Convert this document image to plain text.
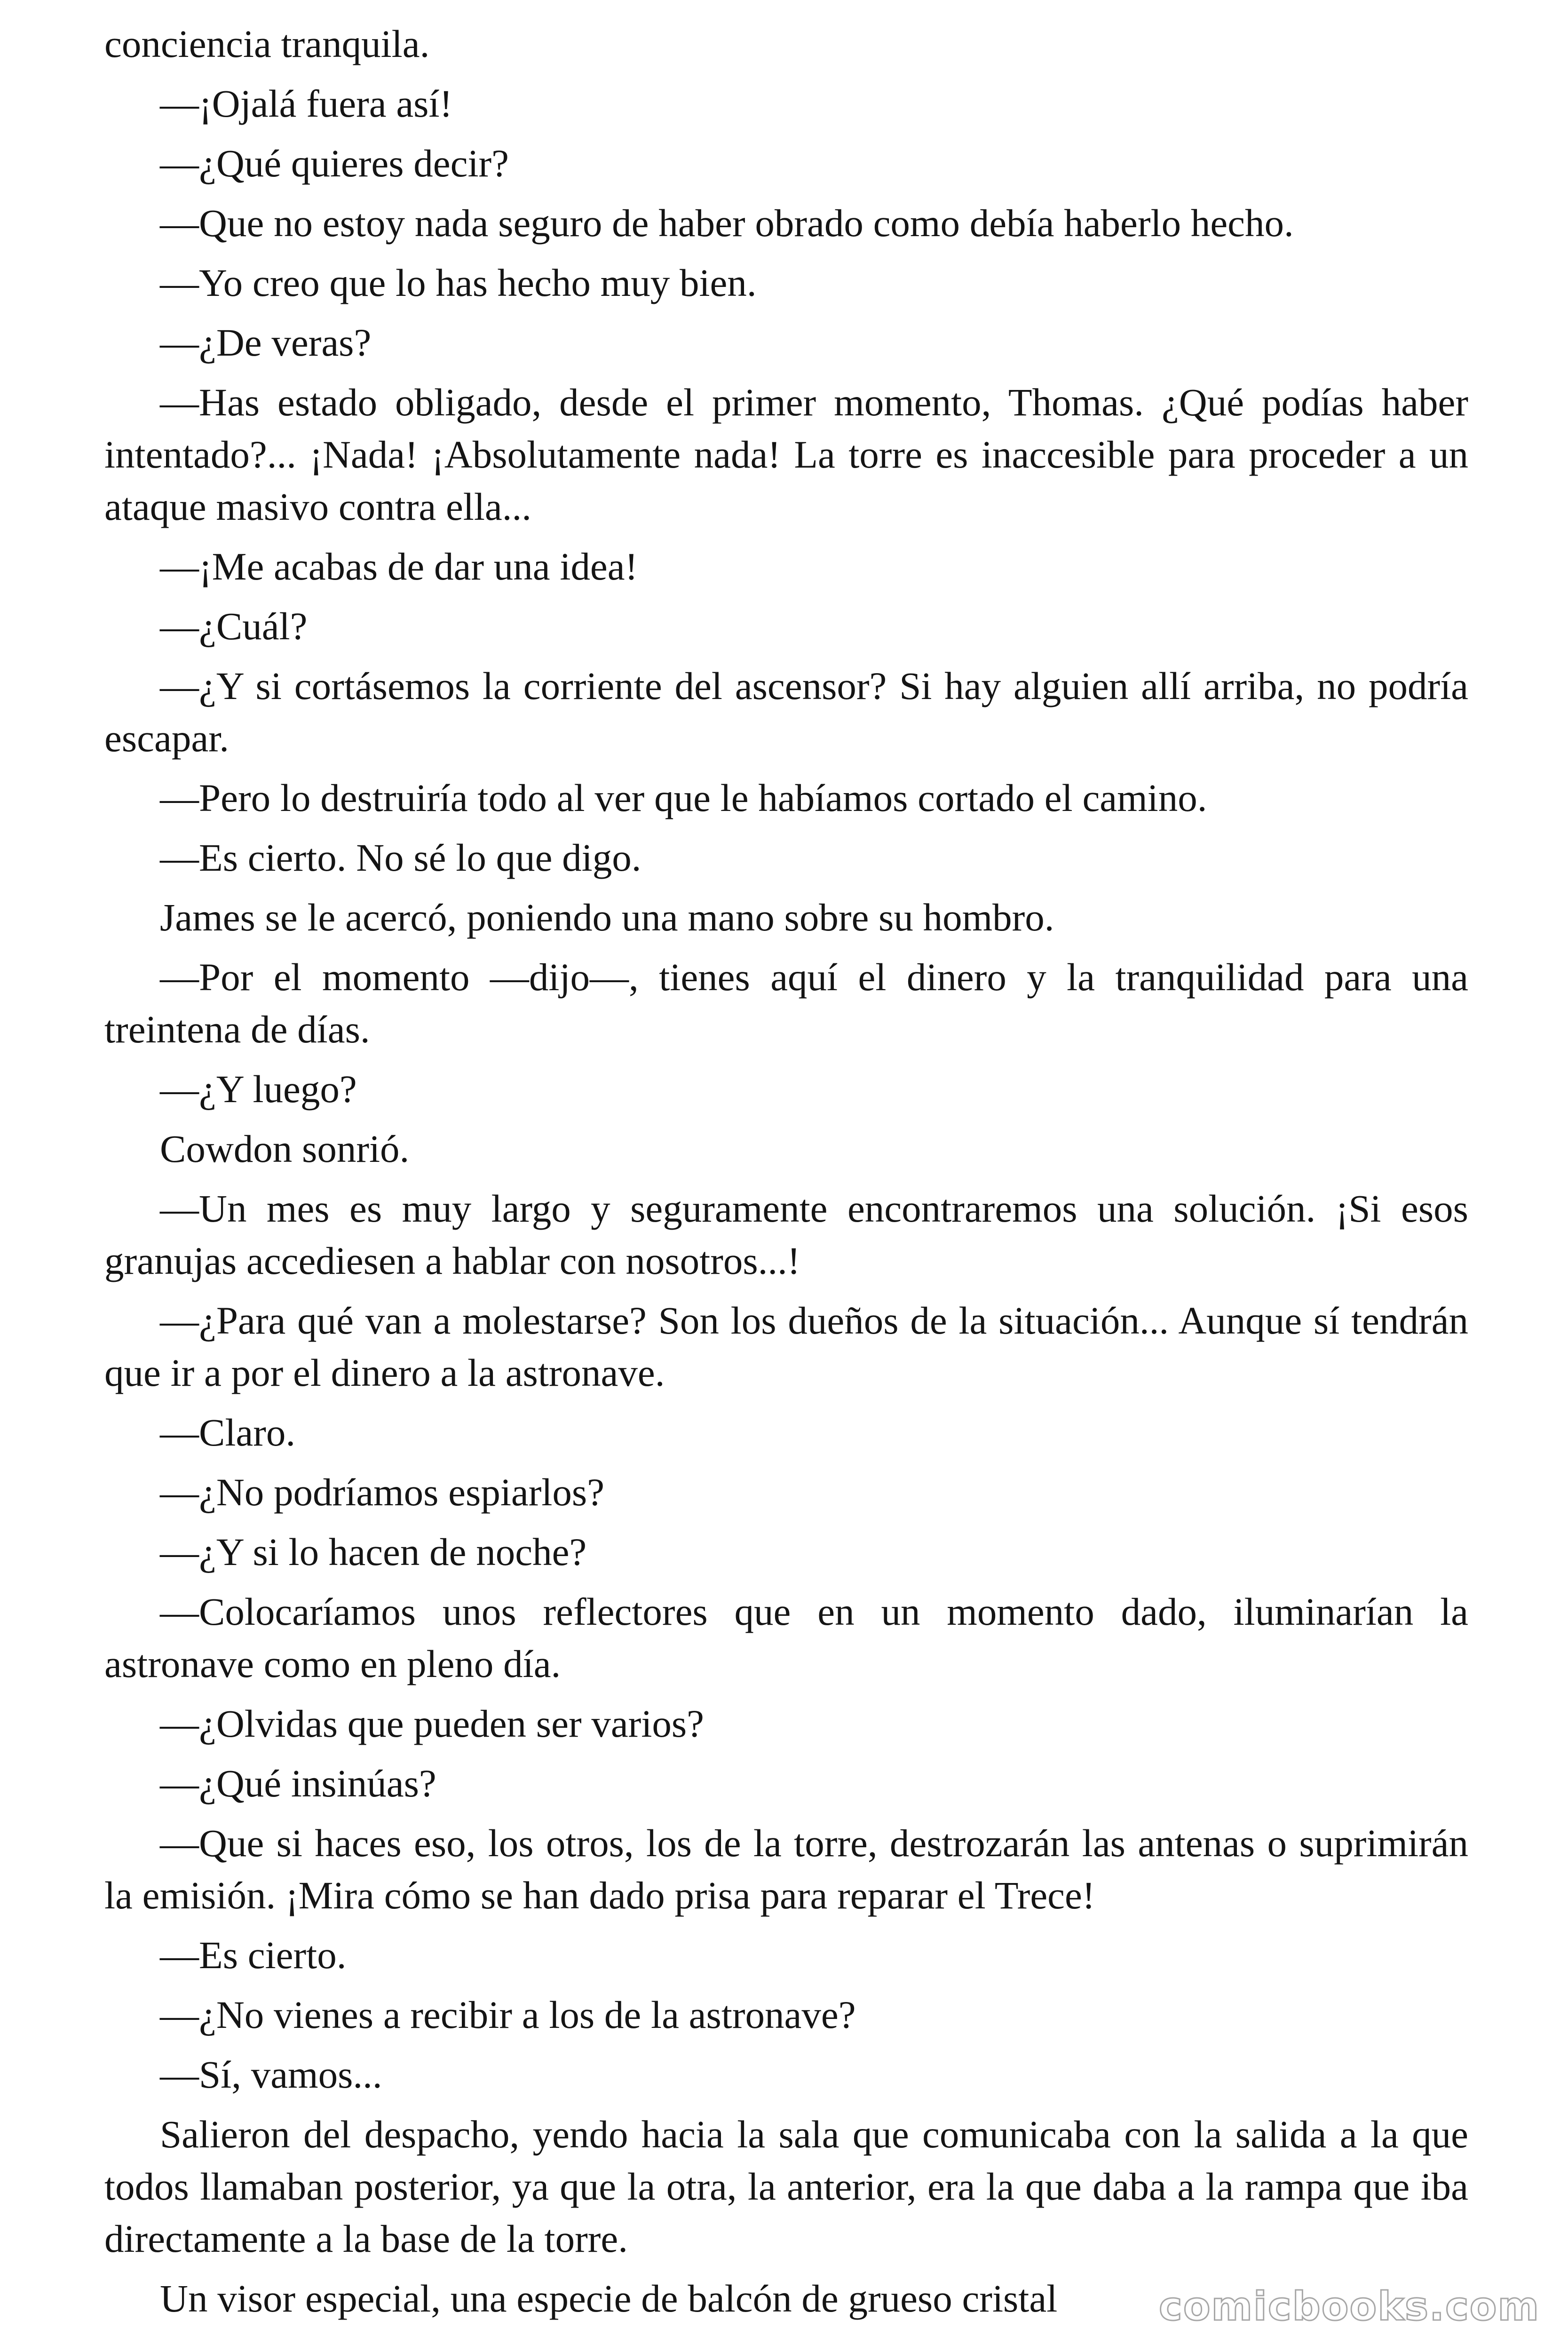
conciencia tranquila.

—¡Ojalá fuera así!

—¿Qué quieres decir?

—Que no estoy nada seguro de haber obrado como debía haberlo hecho.

—Yo creo que lo has hecho muy bien.

—¿De veras?

—Has estado obligado, desde el primer momento, Thomas. ¿Qué podías haber intentado?... ¡Nada! ¡Absolutamente nada! La torre es inaccesible para proceder a un ataque masivo contra ella...

—¡Me acabas de dar una idea!

—¿Cuál?

—¿Y si cortásemos la corriente del ascensor? Si hay alguien allí arriba, no podría escapar.

—Pero lo destruiría todo al ver que le habíamos cortado el camino.

—Es cierto. No sé lo que digo.

James se le acercó, poniendo una mano sobre su hombro.

—Por el momento —dijo—, tienes aquí el dinero y la tranquilidad para una treintena de días.

—¿Y luego?

Cowdon sonrió.

—Un mes es muy largo y seguramente encontraremos una solución. ¡Si esos granujas accediesen a hablar con nosotros...!

—¿Para qué van a molestarse? Son los dueños de la situación... Aunque sí tendrán que ir a por el dinero a la astronave.

—Claro.

—¿No podríamos espiarlos?

—¿Y si lo hacen de noche?

—Colocaríamos unos reflectores que en un momento dado, iluminarían la astronave como en pleno día.

—¿Olvidas que pueden ser varios?

—¿Qué insinúas?

—Que si haces eso, los otros, los de la torre, destrozarán las antenas o suprimirán la emisión. ¡Mira cómo se han dado prisa para reparar el Trece!

—Es cierto.

—¿No vienes a recibir a los de la astronave?

—Sí, vamos...

Salieron del despacho, yendo hacia la sala que comunicaba con la salida a la que todos llamaban posterior, ya que la otra, la anterior, era la que daba a la rampa que iba directamente a la base de la torre.

Un visor especial, una especie de balcón de grueso cristal	comicbooks.com
